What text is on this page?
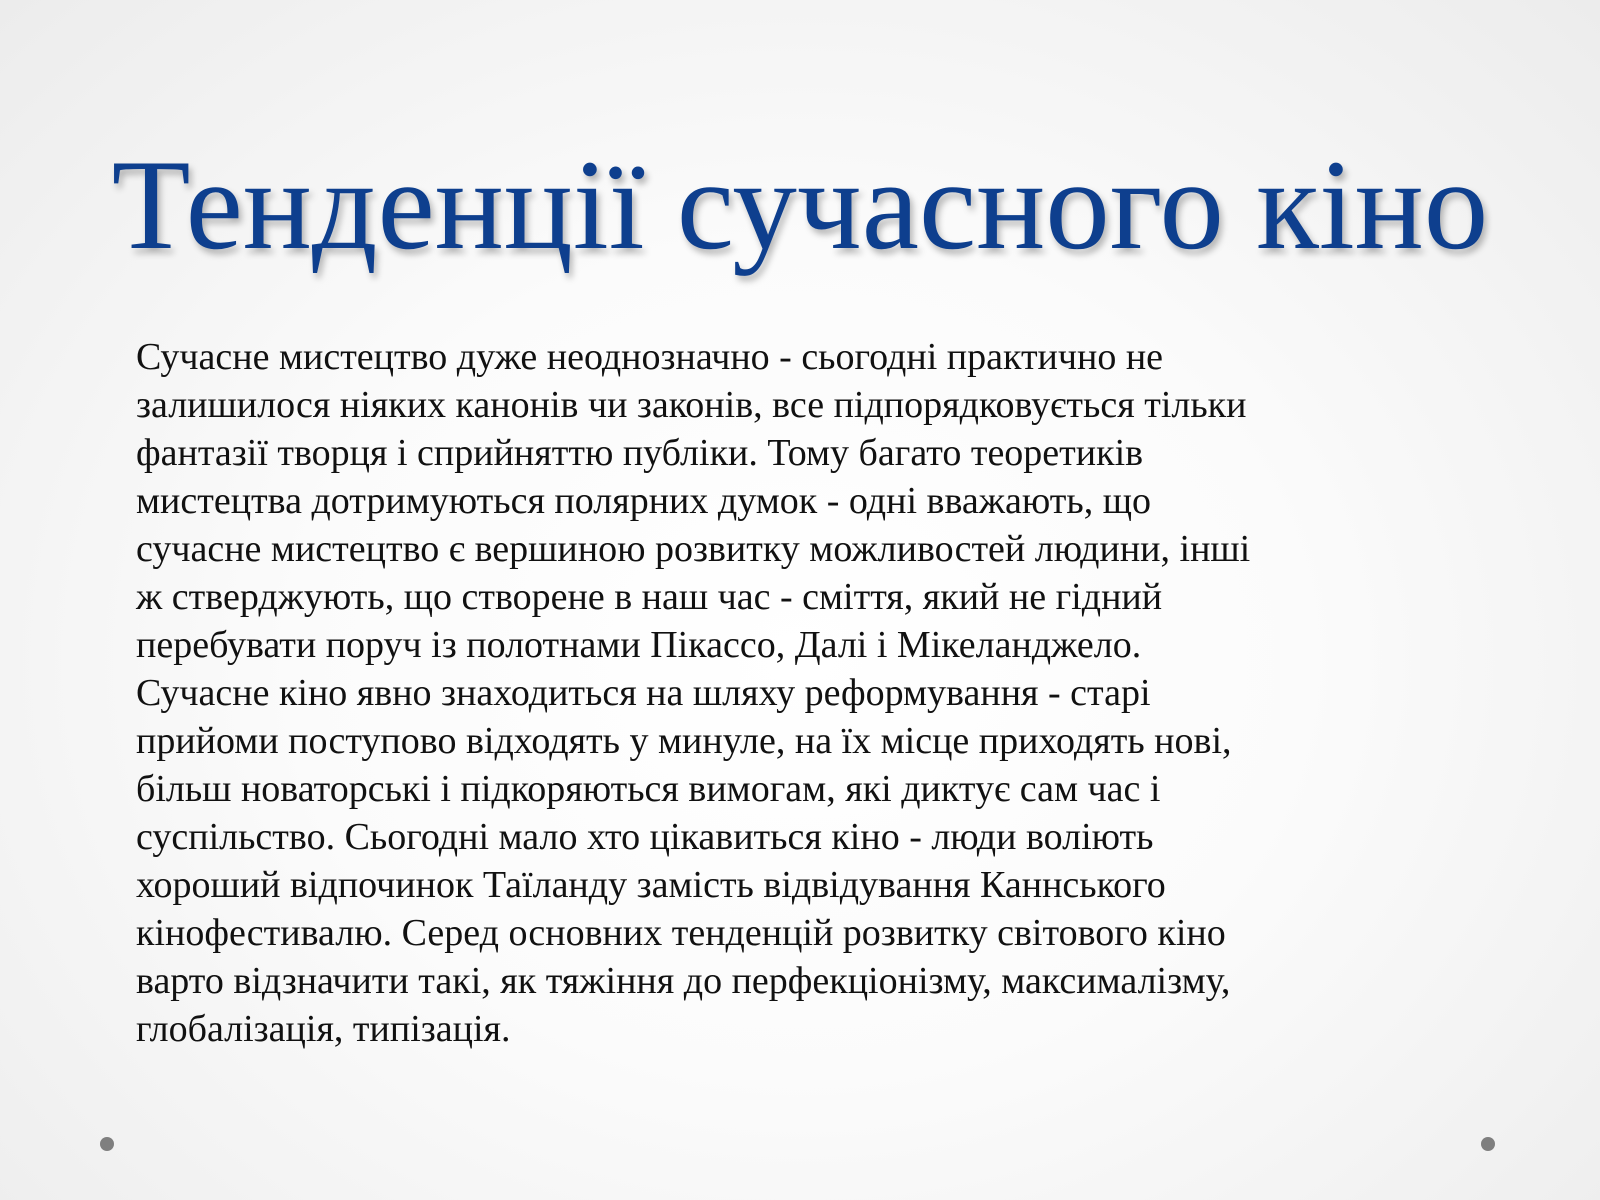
Тенденції сучасного кіно
Сучасне мистецтво дуже неоднозначно - сьогодні практично не
залишилося ніяких канонів чи законів, все підпорядковується тільки
фантазії творця і сприйняттю публіки. Тому багато теоретиків
мистецтва дотримуються полярних думок - одні вважають, що
сучасне мистецтво є вершиною розвитку можливостей людини, інші
ж стверджують, що створене в наш час - сміття, який не гідний
перебувати поруч із полотнами Пікассо, Далі і Мікеланджело.
Сучасне кіно явно знаходиться на шляху реформування - старі
прийоми поступово відходять у минуле, на їх місце приходять нові,
більш новаторські і підкоряються вимогам, які диктує сам час і
суспільство. Сьогодні мало хто цікавиться кіно - люди воліють
хороший відпочинок Таїланду замість відвідування Каннського
кінофестивалю. Серед основних тенденцій розвитку світового кіно
варто відзначити такі, як тяжіння до перфекціонізму, максималізму,
глобалізація, типізація.
